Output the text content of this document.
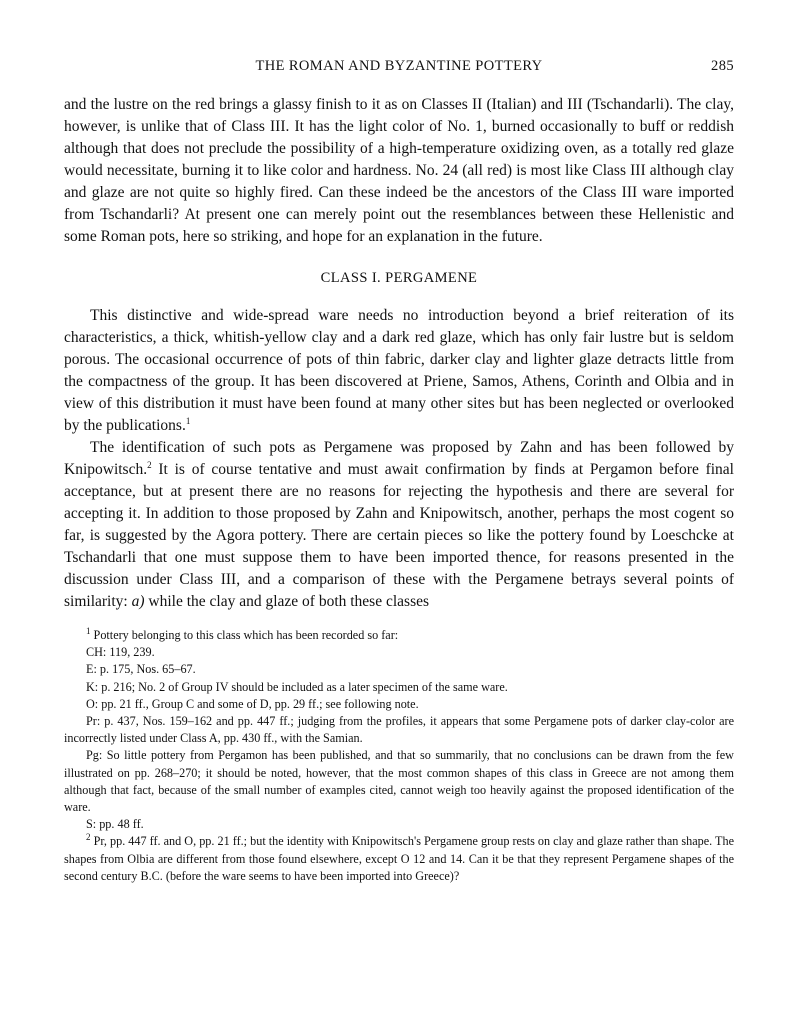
THE ROMAN AND BYZANTINE POTTERY	285

and the lustre on the red brings a glassy finish to it as on Classes II (Italian) and III (Tschandarli). The clay, however, is unlike that of Class III. It has the light color of No. 1, burned occasionally to buff or reddish although that does not preclude the possibility of a high-temperature oxidizing oven, as a totally red glaze would necessitate, burning it to like color and hardness. No. 24 (all red) is most like Class III although clay and glaze are not quite so highly fired. Can these indeed be the ancestors of the Class III ware imported from Tschandarli? At present one can merely point out the resemblances between these Hellenistic and some Roman pots, here so striking, and hope for an explanation in the future.

CLASS I. PERGAMENE

This distinctive and wide-spread ware needs no introduction beyond a brief reiteration of its characteristics, a thick, whitish-yellow clay and a dark red glaze, which has only fair lustre but is seldom porous. The occasional occurrence of pots of thin fabric, darker clay and lighter glaze detracts little from the compactness of the group. It has been discovered at Priene, Samos, Athens, Corinth and Olbia and in view of this distribution it must have been found at many other sites but has been neglected or overlooked by the publications.$^1$

The identification of such pots as Pergamene was proposed by Zahn and has been followed by Knipowitsch.$^2$ It is of course tentative and must await confirmation by finds at Pergamon before final acceptance, but at present there are no reasons for rejecting the hypothesis and there are several for accepting it. In addition to those proposed by Zahn and Knipowitsch, another, perhaps the most cogent so far, is suggested by the Agora pottery. There are certain pieces so like the pottery found by Loeschcke at Tschandarli that one must suppose them to have been imported thence, for reasons presented in the discussion under Class III, and a comparison of these with the Pergamene betrays several points of similarity: a) while the clay and glaze of both these classes

$^1$ Pottery belonging to this class which has been recorded so far:

CH: 119, 239.

E: p. 175, Nos. 65–67.

K: p. 216; No. 2 of Group IV should be included as a later specimen of the same ware.

O: pp. 21 ff., Group C and some of D, pp. 29 ff.; see following note.

Pr: p. 437, Nos. 159–162 and pp. 447 ff.; judging from the profiles, it appears that some Pergamene pots of darker clay-color are incorrectly listed under Class A, pp. 430 ff., with the Samian.

Pg: So little pottery from Pergamon has been published, and that so summarily, that no conclusions can be drawn from the few illustrated on pp. 268–270; it should be noted, however, that the most common shapes of this class in Greece are not among them although that fact, because of the small number of examples cited, cannot weigh too heavily against the proposed identification of the ware.

S: pp. 48 ff.

$^2$ Pr, pp. 447 ff. and O, pp. 21 ff.; but the identity with Knipowitsch's Pergamene group rests on clay and glaze rather than shape. The shapes from Olbia are different from those found elsewhere, except O 12 and 14. Can it be that they represent Pergamene shapes of the second century B.C. (before the ware seems to have been imported into Greece)?
